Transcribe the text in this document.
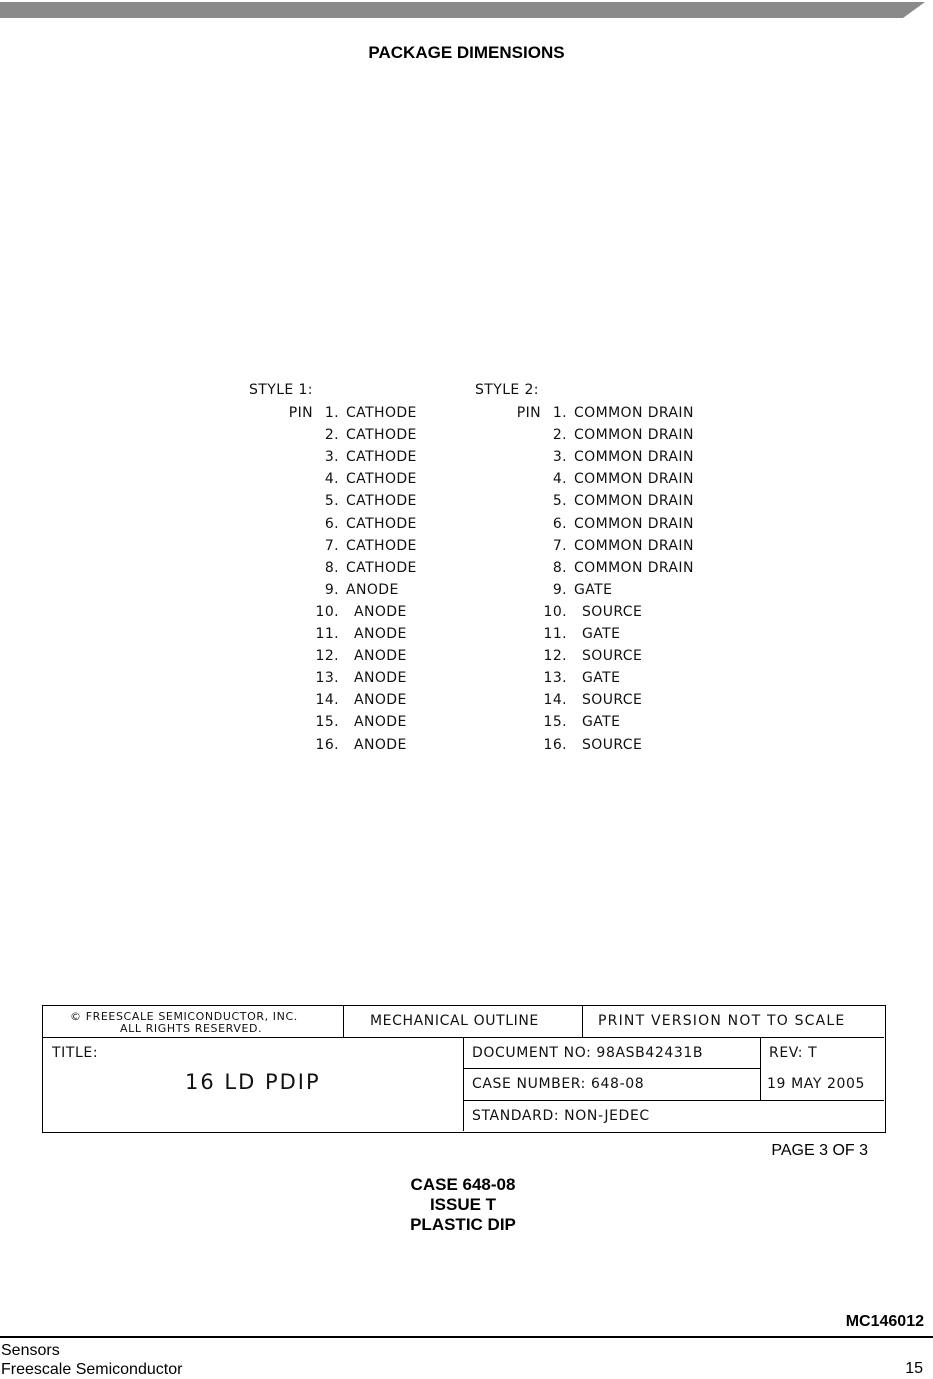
PACKAGE DIMENSIONS
STYLE 1:
PIN 1. CATHODE
2. CATHODE
3. CATHODE
4. CATHODE
5. CATHODE
6. CATHODE
7. CATHODE
8. CATHODE
9. ANODE
10. ANODE
11. ANODE
12. ANODE
13. ANODE
14. ANODE
15. ANODE
16. ANODE
STYLE 2:
PIN 1. COMMON DRAIN
2. COMMON DRAIN
3. COMMON DRAIN
4. COMMON DRAIN
5. COMMON DRAIN
6. COMMON DRAIN
7. COMMON DRAIN
8. COMMON DRAIN
9. GATE
10. SOURCE
11. GATE
12. SOURCE
13. GATE
14. SOURCE
15. GATE
16. SOURCE
© FREESCALE SEMICONDUCTOR, INC.
ALL RIGHTS RESERVED.	MECHANICAL OUTLINE	PRINT VERSION NOT TO SCALE
TITLE:
16 LD PDIP
DOCUMENT NO: 98ASB42431B	REV: T
CASE NUMBER: 648-08	19 MAY 2005
STANDARD: NON-JEDEC
PAGE 3 OF 3
CASE 648-08
ISSUE T
PLASTIC DIP
MC146012
Sensors
Freescale Semiconductor	15
